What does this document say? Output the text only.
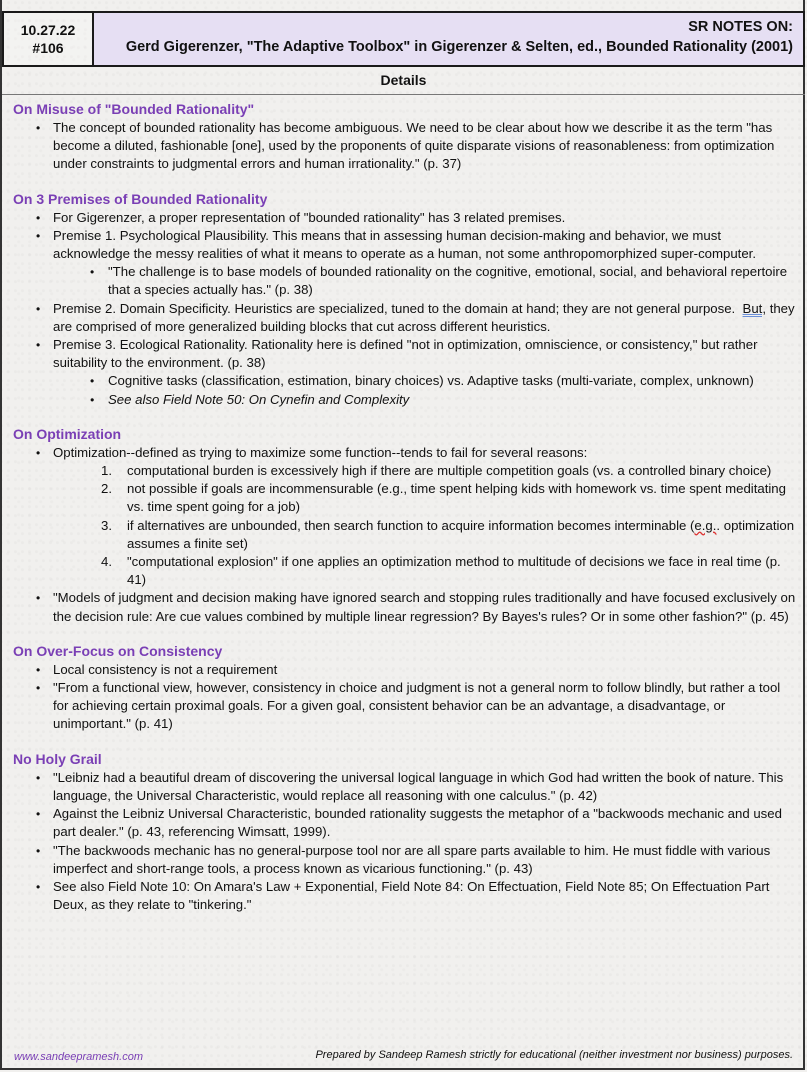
10.27.22
#106
SR NOTES ON:
Gerd Gigerenzer, "The Adaptive Toolbox" in Gigerenzer & Selten, ed., Bounded Rationality (2001)
Details
On Misuse of "Bounded Rationality"
• The concept of bounded rationality has become ambiguous. We need to be clear about how we describe it as the term "has become a diluted, fashionable [one], used by the proponents of quite disparate visions of reasonableness: from optimization under constraints to judgmental errors and human irrationality." (p. 37)
On 3 Premises of Bounded Rationality
• For Gigerenzer, a proper representation of "bounded rationality" has 3 related premises.
• Premise 1. Psychological Plausibility. This means that in assessing human decision-making and behavior, we must acknowledge the messy realities of what it means to operate as a human, not some anthropomorphized super-computer.
• "The challenge is to base models of bounded rationality on the cognitive, emotional, social, and behavioral repertoire that a species actually has." (p. 38)
• Premise 2. Domain Specificity. Heuristics are specialized, tuned to the domain at hand; they are not general purpose. But, they are comprised of more generalized building blocks that cut across different heuristics.
• Premise 3. Ecological Rationality. Rationality here is defined "not in optimization, omniscience, or consistency," but rather suitability to the environment. (p. 38)
• Cognitive tasks (classification, estimation, binary choices) vs. Adaptive tasks (multi-variate, complex, unknown)
• See also Field Note 50: On Cynefin and Complexity
On Optimization
• Optimization--defined as trying to maximize some function--tends to fail for several reasons:
1. computational burden is excessively high if there are multiple competition goals (vs. a controlled binary choice)
2. not possible if goals are incommensurable (e.g., time spent helping kids with homework vs. time spent meditating vs. time spent going for a job)
3. if alternatives are unbounded, then search function to acquire information becomes interminable (e.g.. optimization assumes a finite set)
4. "computational explosion" if one applies an optimization method to multitude of decisions we face in real time (p. 41)
• "Models of judgment and decision making have ignored search and stopping rules traditionally and have focused exclusively on the decision rule: Are cue values combined by multiple linear regression? By Bayes's rules? Or in some other fashion?" (p. 45)
On Over-Focus on Consistency
• Local consistency is not a requirement
• "From a functional view, however, consistency in choice and judgment is not a general norm to follow blindly, but rather a tool for achieving certain proximal goals. For a given goal, consistent behavior can be an advantage, a disadvantage, or unimportant." (p. 41)
No Holy Grail
• "Leibniz had a beautiful dream of discovering the universal logical language in which God had written the book of nature. This language, the Universal Characteristic, would replace all reasoning with one calculus." (p. 42)
• Against the Leibniz Universal Characteristic, bounded rationality suggests the metaphor of a "backwoods mechanic and used part dealer." (p. 43, referencing Wimsatt, 1999).
• "The backwoods mechanic has no general-purpose tool nor are all spare parts available to him. He must fiddle with various imperfect and short-range tools, a process known as vicarious functioning." (p. 43)
• See also Field Note 10: On Amara's Law + Exponential, Field Note 84: On Effectuation, Field Note 85; On Effectuation Part Deux, as they relate to "tinkering."
www.sandeepramesh.com	Prepared by Sandeep Ramesh strictly for educational (neither investment nor business) purposes.
